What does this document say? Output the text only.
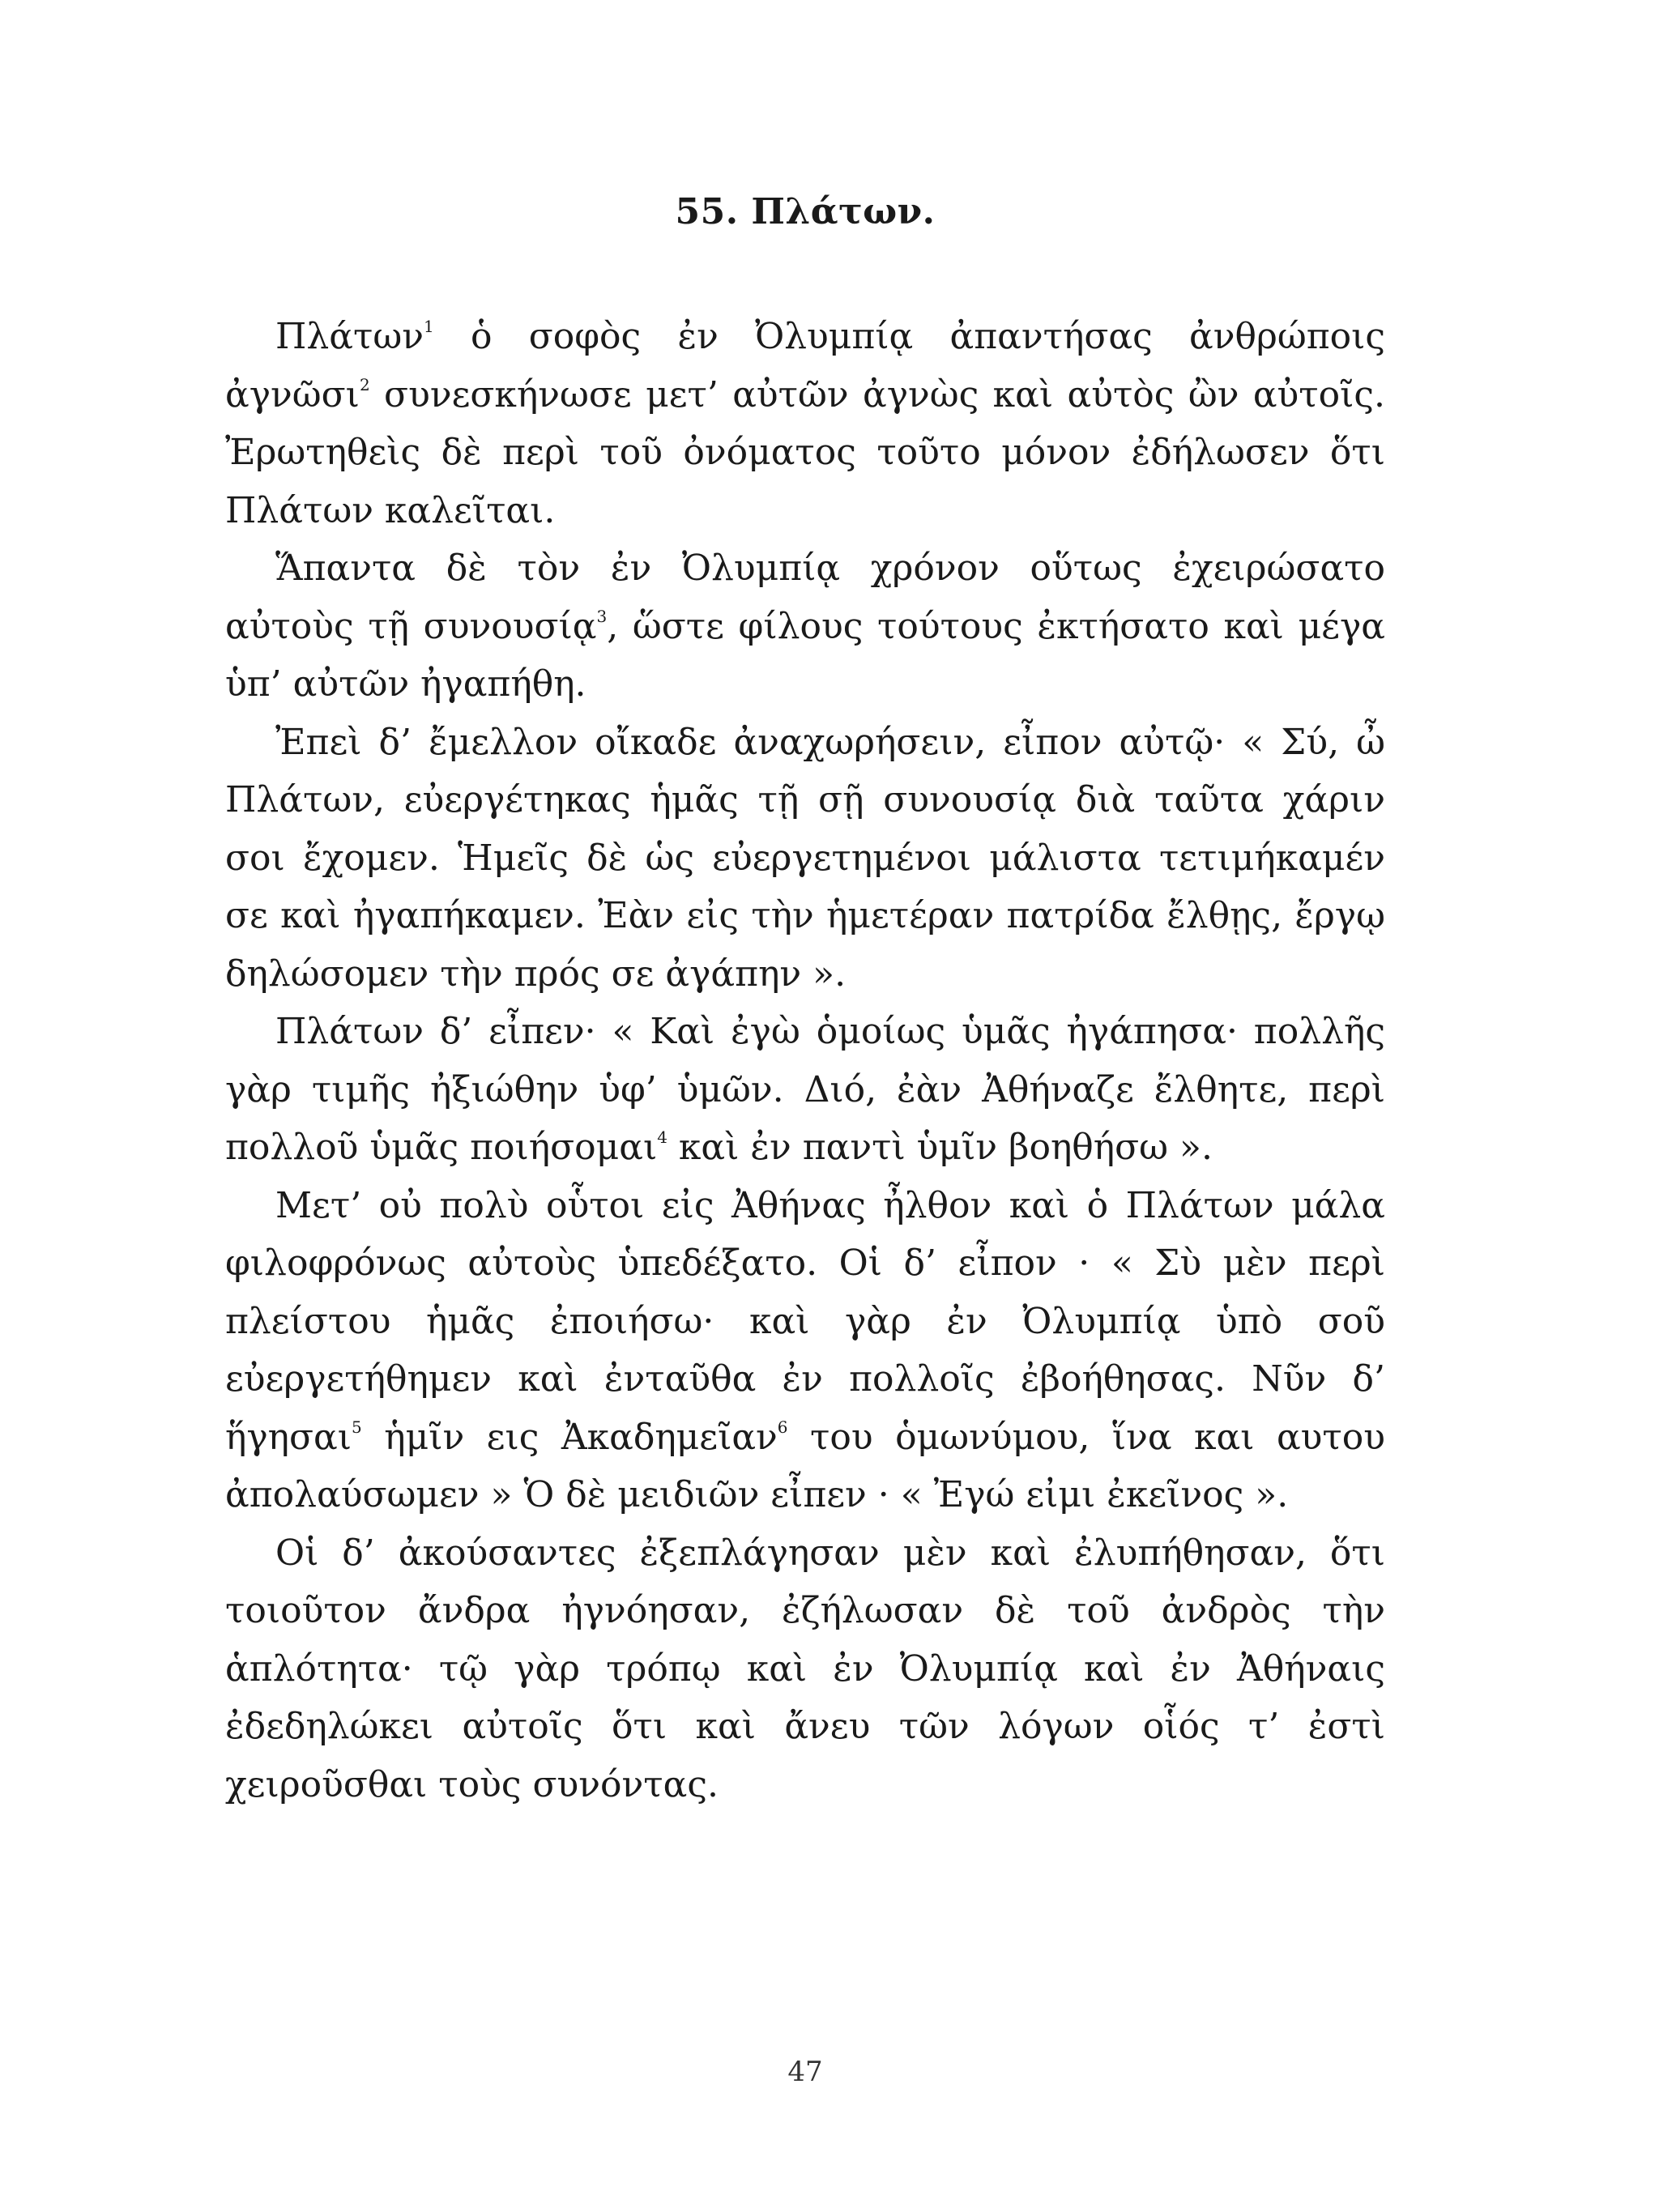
55. Πλάτων.

Πλάτων$^1$ ὁ σοφὸς ἐν Ὀλυμπίᾳ ἀπαντήσας ἀνθρώποις ἀγνῶσι$^2$ συνεσκήνωσε μετ’ αὐτῶν ἀγνὼς καὶ αὐτὸς ὢν αὐτοῖς. Ἐρωτηθεὶς δὲ περὶ τοῦ ὀνόματος τοῦτο μόνον ἐδήλωσεν ὅτι Πλάτων καλεῖται.

Ἅπαντα δὲ τὸν ἐν Ὀλυμπίᾳ χρόνον οὕτως ἐχειρώσατο αὐτοὺς τῇ συνουσίᾳ$^3$, ὥστε φίλους τούτους ἐκτήσατο καὶ μέγα ὑπ’ αὐτῶν ἠγαπήθη.

Ἐπεὶ δ’ ἔμελλον οἴκαδε ἀναχωρήσειν, εἶπον αὐτῷ· « Σύ, ὦ Πλάτων, εὐεργέτηκας ἡμᾶς τῇ σῇ συνουσίᾳ διὰ ταῦτα χάριν σοι ἔχομεν. Ἡμεῖς δὲ ὡς εὐεργετημένοι μάλιστα τετιμήκαμέν σε καὶ ἠγαπήκαμεν. Ἐὰν εἰς τὴν ἡμετέραν πατρίδα ἔλθῃς, ἔργῳ δηλώσομεν τὴν πρός σε ἀγάπην ».

Πλάτων δ’ εἶπεν· « Καὶ ἐγὼ ὁμοίως ὑμᾶς ἠγάπησα· πολλῆς γὰρ τιμῆς ἠξιώθην ὑφ’ ὑμῶν. Διό, ἐὰν Ἀθήναζε ἔλθητε, περὶ πολλοῦ ὑμᾶς ποιήσομαι$^4$ καὶ ἐν παντὶ ὑμῖν βοηθήσω ».

Μετ’ οὐ πολὺ οὗτοι εἰς Ἀθήνας ἦλθον καὶ ὁ Πλάτων μάλα φιλοφρόνως αὐτοὺς ὑπεδέξατο. Οἱ δ’ εἶπον · « Σὺ μὲν περὶ πλείστου ἡμᾶς ἐποιήσω· καὶ γὰρ ἐν Ὀλυμπίᾳ ὑπὸ σοῦ εὐεργετήθημεν καὶ ἐνταῦθα ἐν πολλοῖς ἐβοήθησας. Νῦν δ’ ἥγησαι$^5$ ἡμῖν εις Ἀκαδημεῖαν$^6$ του ὁμωνύμου, ἵνα και αυτου ἀπολαύσωμεν » Ὁ δὲ μειδιῶν εἶπεν · « Ἐγώ εἰμι ἐκεῖνος ».

Οἱ δ’ ἀκούσαντες ἐξεπλάγησαν μὲν καὶ ἐλυπήθησαν, ὅτι τοιοῦτον ἄνδρα ἠγνόησαν, ἐζήλωσαν δὲ τοῦ ἀνδρὸς τὴν ἁπλότητα· τῷ γὰρ τρόπῳ καὶ ἐν Ὀλυμπίᾳ καὶ ἐν Ἀθήναις ἐδεδηλώκει αὐτοῖς ὅτι καὶ ἄνευ τῶν λόγων οἷός τ’ ἐστὶ χειροῦσθαι τοὺς συνόντας.

47
